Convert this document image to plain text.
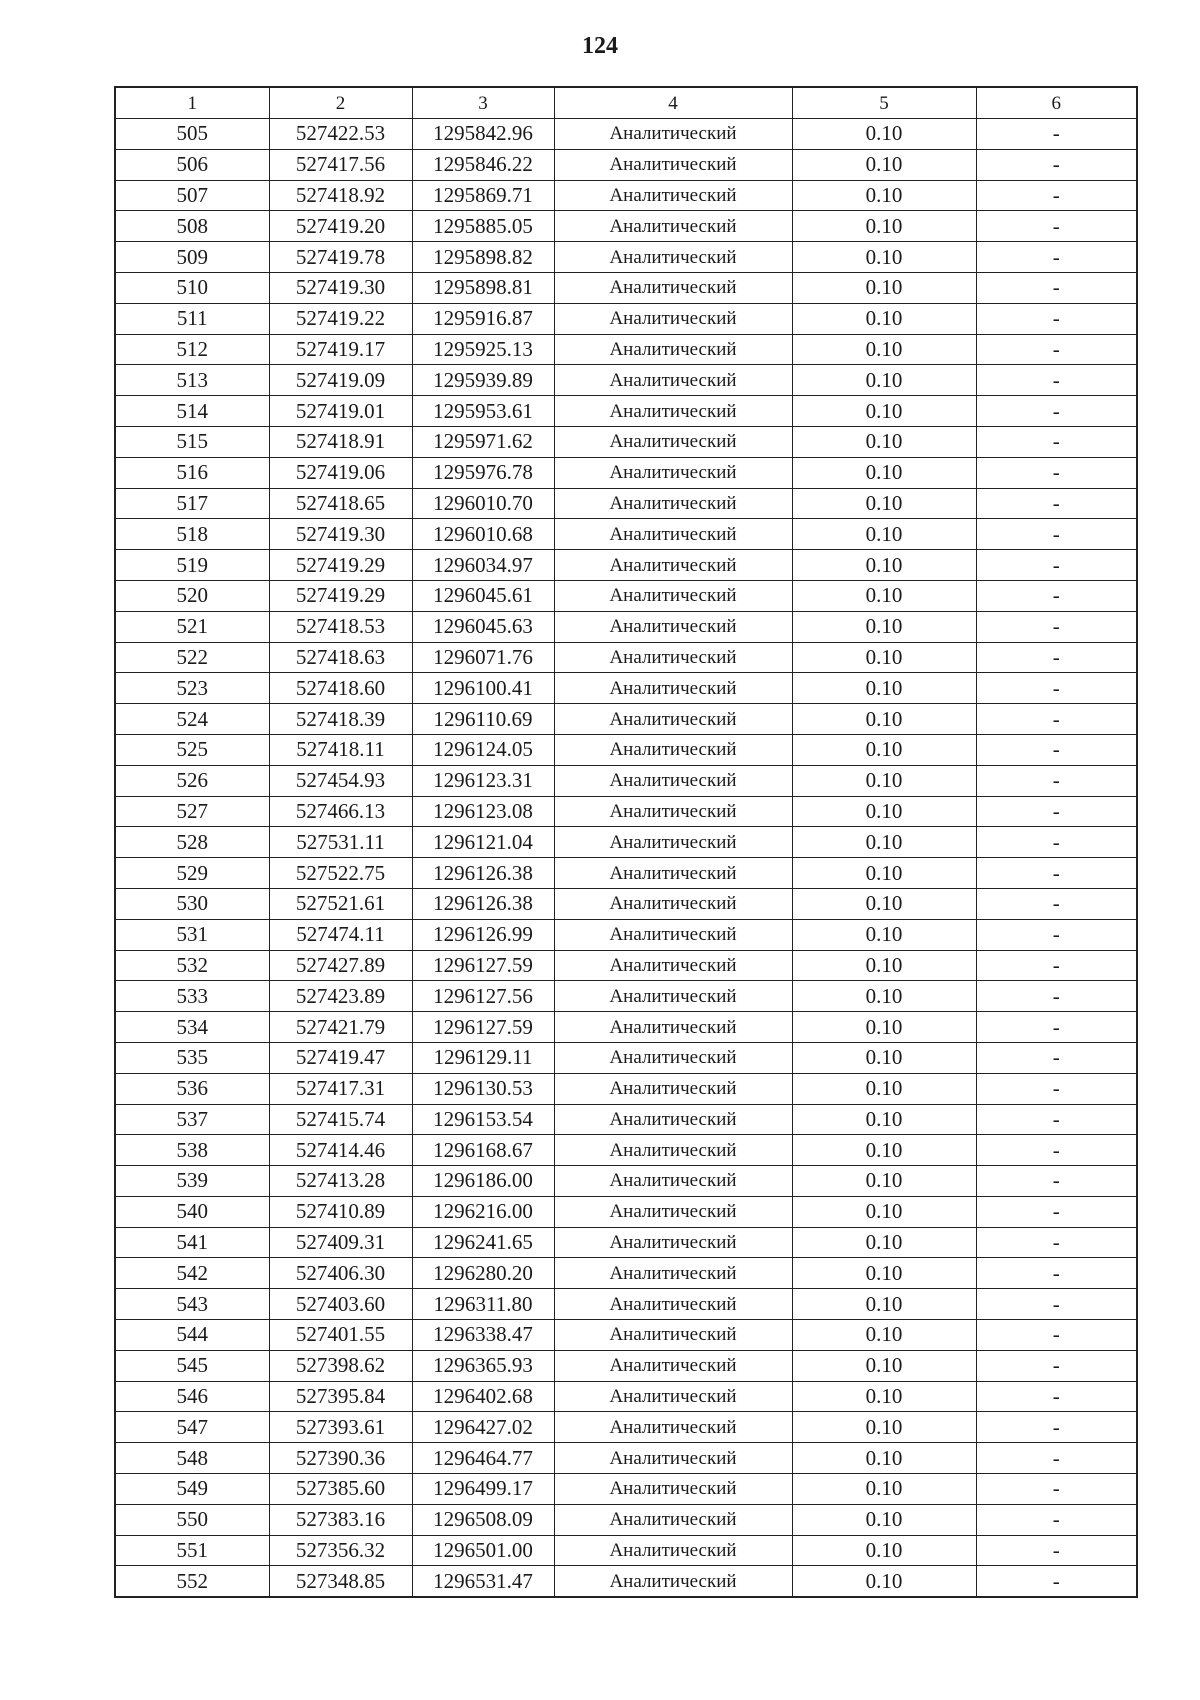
124
1	2	3	4	5	6
505	527422.53	1295842.96	Аналитический	0.10	-
506	527417.56	1295846.22	Аналитический	0.10	-
507	527418.92	1295869.71	Аналитический	0.10	-
508	527419.20	1295885.05	Аналитический	0.10	-
509	527419.78	1295898.82	Аналитический	0.10	-
510	527419.30	1295898.81	Аналитический	0.10	-
511	527419.22	1295916.87	Аналитический	0.10	-
512	527419.17	1295925.13	Аналитический	0.10	-
513	527419.09	1295939.89	Аналитический	0.10	-
514	527419.01	1295953.61	Аналитический	0.10	-
515	527418.91	1295971.62	Аналитический	0.10	-
516	527419.06	1295976.78	Аналитический	0.10	-
517	527418.65	1296010.70	Аналитический	0.10	-
518	527419.30	1296010.68	Аналитический	0.10	-
519	527419.29	1296034.97	Аналитический	0.10	-
520	527419.29	1296045.61	Аналитический	0.10	-
521	527418.53	1296045.63	Аналитический	0.10	-
522	527418.63	1296071.76	Аналитический	0.10	-
523	527418.60	1296100.41	Аналитический	0.10	-
524	527418.39	1296110.69	Аналитический	0.10	-
525	527418.11	1296124.05	Аналитический	0.10	-
526	527454.93	1296123.31	Аналитический	0.10	-
527	527466.13	1296123.08	Аналитический	0.10	-
528	527531.11	1296121.04	Аналитический	0.10	-
529	527522.75	1296126.38	Аналитический	0.10	-
530	527521.61	1296126.38	Аналитический	0.10	-
531	527474.11	1296126.99	Аналитический	0.10	-
532	527427.89	1296127.59	Аналитический	0.10	-
533	527423.89	1296127.56	Аналитический	0.10	-
534	527421.79	1296127.59	Аналитический	0.10	-
535	527419.47	1296129.11	Аналитический	0.10	-
536	527417.31	1296130.53	Аналитический	0.10	-
537	527415.74	1296153.54	Аналитический	0.10	-
538	527414.46	1296168.67	Аналитический	0.10	-
539	527413.28	1296186.00	Аналитический	0.10	-
540	527410.89	1296216.00	Аналитический	0.10	-
541	527409.31	1296241.65	Аналитический	0.10	-
542	527406.30	1296280.20	Аналитический	0.10	-
543	527403.60	1296311.80	Аналитический	0.10	-
544	527401.55	1296338.47	Аналитический	0.10	-
545	527398.62	1296365.93	Аналитический	0.10	-
546	527395.84	1296402.68	Аналитический	0.10	-
547	527393.61	1296427.02	Аналитический	0.10	-
548	527390.36	1296464.77	Аналитический	0.10	-
549	527385.60	1296499.17	Аналитический	0.10	-
550	527383.16	1296508.09	Аналитический	0.10	-
551	527356.32	1296501.00	Аналитический	0.10	-
552	527348.85	1296531.47	Аналитический	0.10	-
